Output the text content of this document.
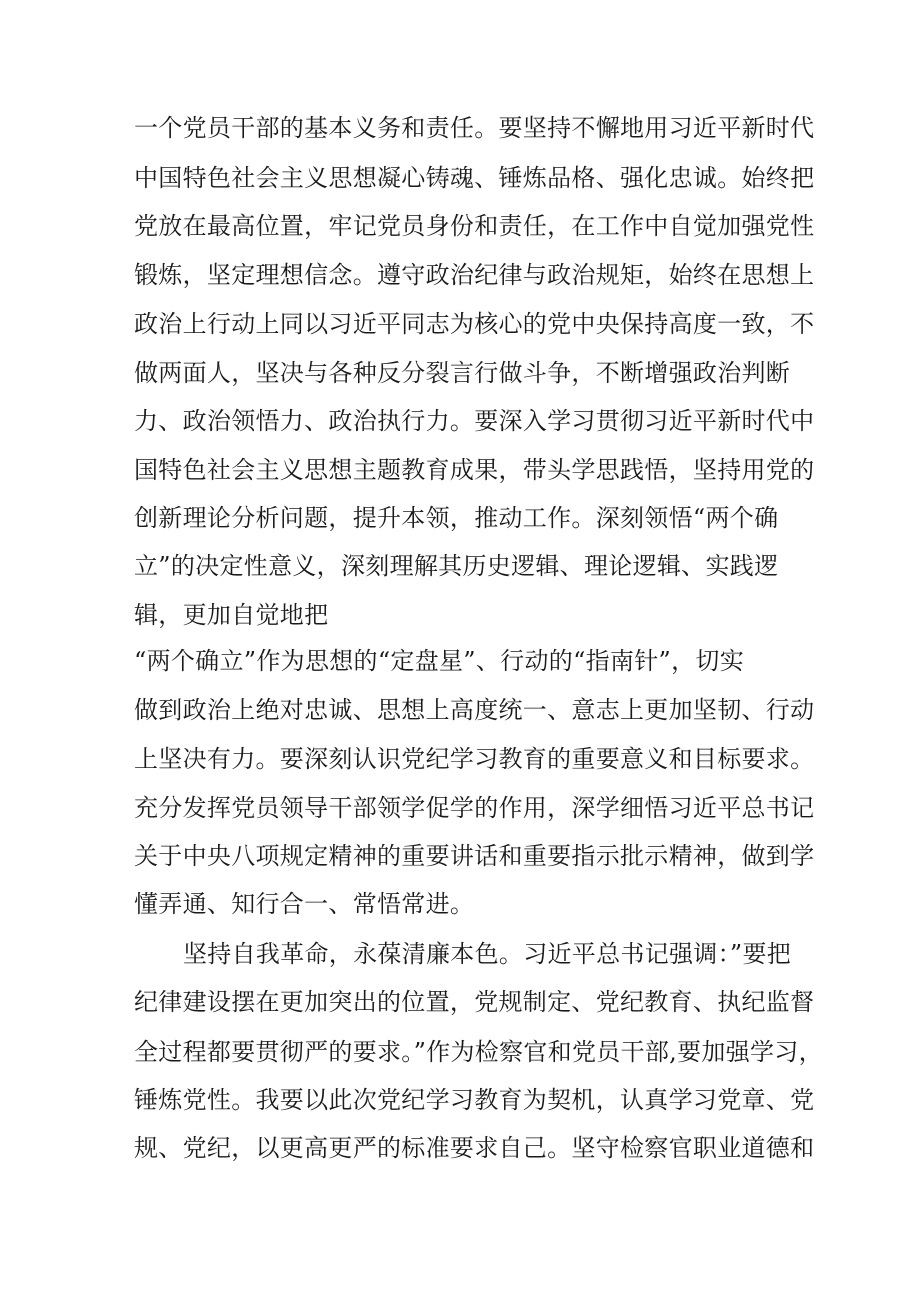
一个党员干部的基本义务和责任。要坚持不懈地用习近平新时代

中国特色社会主义思想凝心铸魂、锤炼品格、强化忠诚。始终把

党放在最高位置，牢记党员身份和责任，在工作中自觉加强党性

锻炼，坚定理想信念。遵守政治纪律与政治规矩，始终在思想上

政治上行动上同以习近平同志为核心的党中央保持高度一致，不

做两面人，坚决与各种反分裂言行做斗争，不断增强政治判断

力、政治领悟力、政治执行力。要深入学习贯彻习近平新时代中

国特色社会主义思想主题教育成果，带头学思践悟，坚持用党的

创新理论分析问题，提升本领，推动工作。深刻领悟“两个确

立”的决定性意义，深刻理解其历史逻辑、理论逻辑、实践逻

辑，更加自觉地把

“两个确立”作为思想的“定盘星”、行动的“指南针”，切实

做到政治上绝对忠诚、思想上高度统一、意志上更加坚韧、行动

上坚决有力。要深刻认识党纪学习教育的重要意义和目标要求。

充分发挥党员领导干部领学促学的作用，深学细悟习近平总书记

关于中央八项规定精神的重要讲话和重要指示批示精神，做到学

懂弄通、知行合一、常悟常进。

坚持自我革命，永葆清廉本色。习近平总书记强调：”要把

纪律建设摆在更加突出的位置，党规制定、党纪教育、执纪监督

全过程都要贯彻严的要求。”作为检察官和党员干部,要加强学习，

锤炼党性。我要以此次党纪学习教育为契机，认真学习党章、党

规、党纪，以更高更严的标准要求自己。坚守检察官职业道德和
